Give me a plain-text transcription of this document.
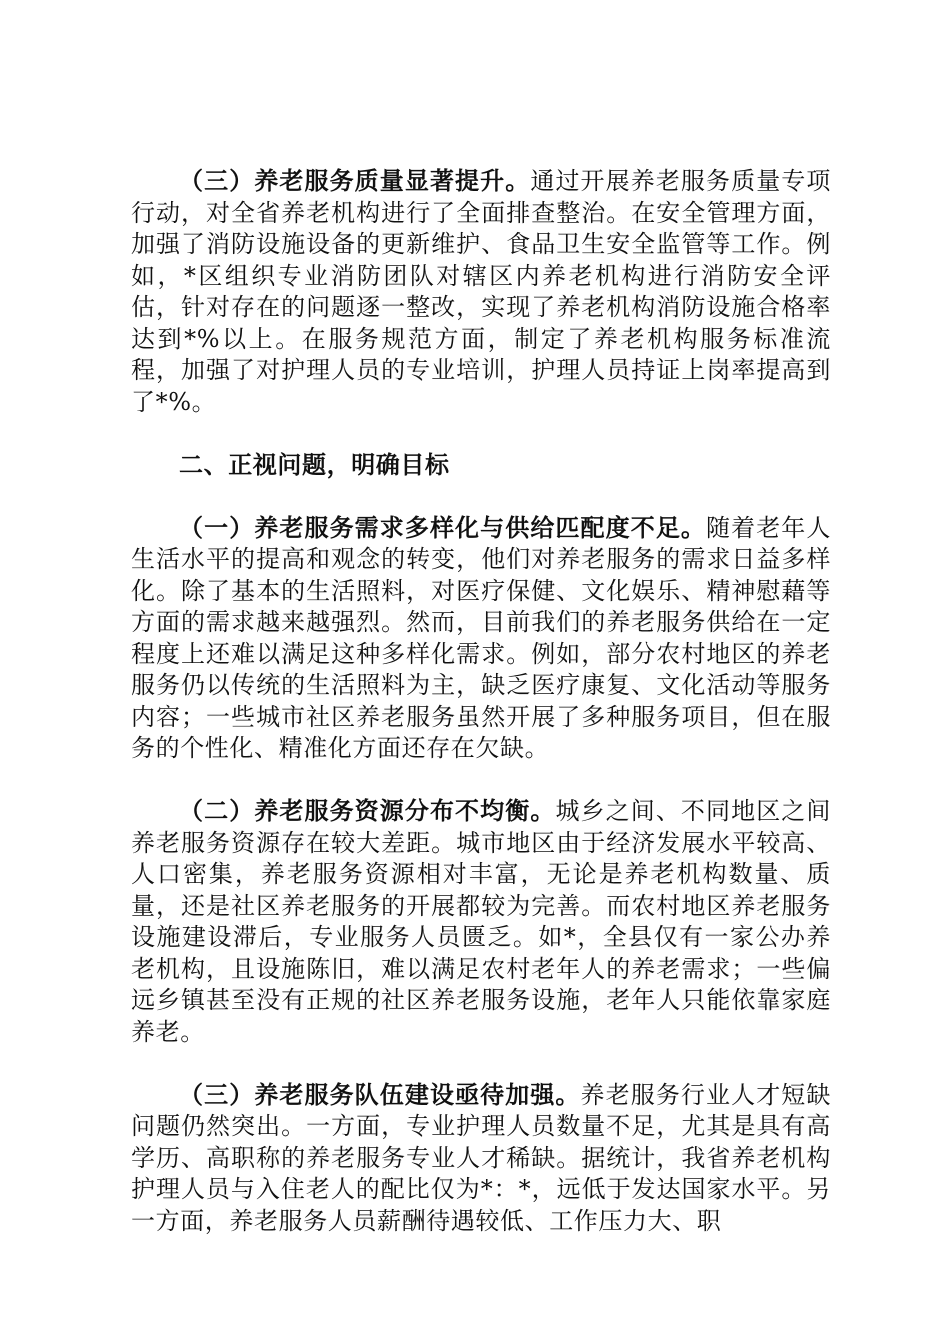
（三）养老服务质量显著提升。通过开展养老服务质量专项行动，对全省养老机构进行了全面排查整治。在安全管理方面，加强了消防设施设备的更新维护、食品卫生安全监管等工作。例如，*区组织专业消防团队对辖区内养老机构进行消防安全评估，针对存在的问题逐一整改，实现了养老机构消防设施合格率达到*%以上。在服务规范方面，制定了养老机构服务标准流程，加强了对护理人员的专业培训，护理人员持证上岗率提高到了*%。

二、正视问题，明确目标

（一）养老服务需求多样化与供给匹配度不足。随着老年人生活水平的提高和观念的转变，他们对养老服务的需求日益多样化。除了基本的生活照料，对医疗保健、文化娱乐、精神慰藉等方面的需求越来越强烈。然而，目前我们的养老服务供给在一定程度上还难以满足这种多样化需求。例如，部分农村地区的养老服务仍以传统的生活照料为主，缺乏医疗康复、文化活动等服务内容；一些城市社区养老服务虽然开展了多种服务项目，但在服务的个性化、精准化方面还存在欠缺。

（二）养老服务资源分布不均衡。城乡之间、不同地区之间养老服务资源存在较大差距。城市地区由于经济发展水平较高、人口密集，养老服务资源相对丰富，无论是养老机构数量、质量，还是社区养老服务的开展都较为完善。而农村地区养老服务设施建设滞后，专业服务人员匮乏。如*，全县仅有一家公办养老机构，且设施陈旧，难以满足农村老年人的养老需求；一些偏远乡镇甚至没有正规的社区养老服务设施，老年人只能依靠家庭养老。

（三）养老服务队伍建设亟待加强。养老服务行业人才短缺问题仍然突出。一方面，专业护理人员数量不足，尤其是具有高学历、高职称的养老服务专业人才稀缺。据统计，我省养老机构护理人员与入住老人的配比仅为*：*，远低于发达国家水平。另一方面，养老服务人员薪酬待遇较低、工作压力大、职
